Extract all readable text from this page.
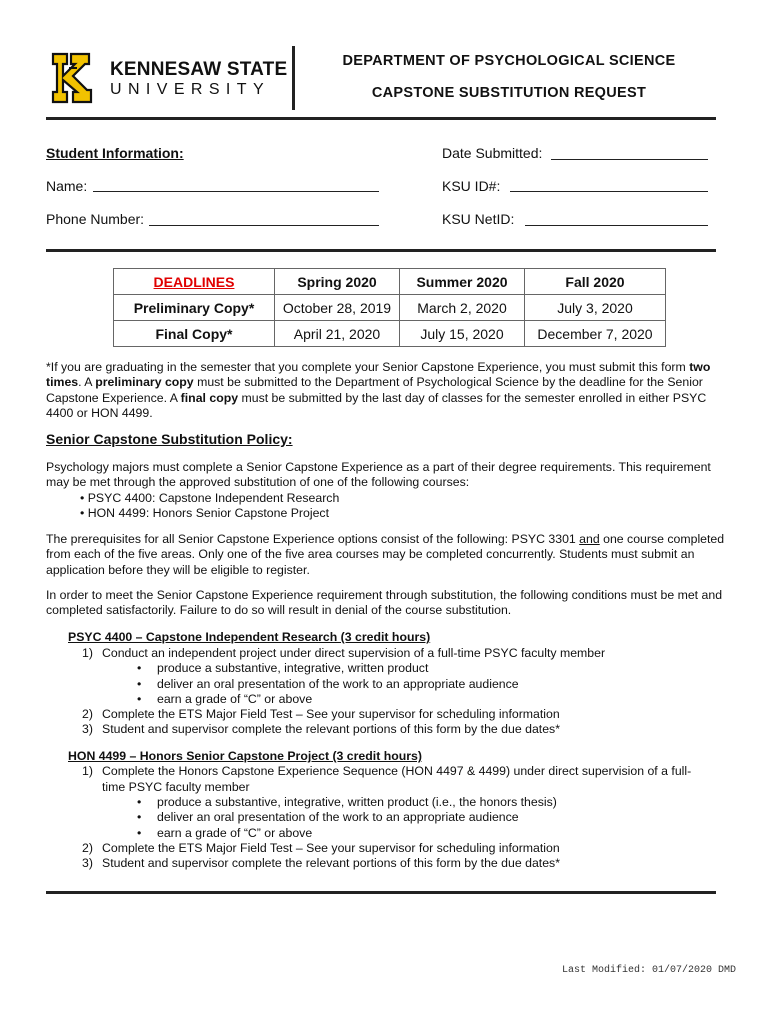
KENNESAW STATE
UNIVERSITY
DEPARTMENT OF PSYCHOLOGICAL SCIENCE
CAPSTONE SUBSTITUTION REQUEST
Student Information:
Name:
Phone Number:
Date Submitted:
KSU ID#:
KSU NetID:
DEADLINES	Spring 2020	Summer 2020	Fall 2020
Preliminary Copy*	October 28, 2019	March 2, 2020	July 3, 2020
Final Copy*	April 21, 2020	July 15, 2020	December 7, 2020
*If you are graduating in the semester that you complete your Senior Capstone Experience, you must submit this form two times. A preliminary copy must be submitted to the Department of Psychological Science by the deadline for the Senior Capstone Experience. A final copy must be submitted by the last day of classes for the semester enrolled in either PSYC 4400 or HON 4499.
Senior Capstone Substitution Policy:
Psychology majors must complete a Senior Capstone Experience as a part of their degree requirements. This requirement may be met through the approved substitution of one of the following courses:
• PSYC 4400: Capstone Independent Research
• HON 4499: Honors Senior Capstone Project
The prerequisites for all Senior Capstone Experience options consist of the following: PSYC 3301 and one course completed from each of the five areas. Only one of the five area courses may be completed concurrently. Students must submit an application before they will be eligible to register.
In order to meet the Senior Capstone Experience requirement through substitution, the following conditions must be met and completed satisfactorily. Failure to do so will result in denial of the course substitution.
PSYC 4400 – Capstone Independent Research (3 credit hours)
1) Conduct an independent project under direct supervision of a full-time PSYC faculty member
• produce a substantive, integrative, written product
• deliver an oral presentation of the work to an appropriate audience
• earn a grade of “C” or above
2) Complete the ETS Major Field Test – See your supervisor for scheduling information
3) Student and supervisor complete the relevant portions of this form by the due dates*
HON 4499 – Honors Senior Capstone Project (3 credit hours)
1) Complete the Honors Capstone Experience Sequence (HON 4497 & 4499) under direct supervision of a full-
time PSYC faculty member
• produce a substantive, integrative, written product (i.e., the honors thesis)
• deliver an oral presentation of the work to an appropriate audience
• earn a grade of “C” or above
2) Complete the ETS Major Field Test – See your supervisor for scheduling information
3) Student and supervisor complete the relevant portions of this form by the due dates*
Last Modified: 01/07/2020 DMD
